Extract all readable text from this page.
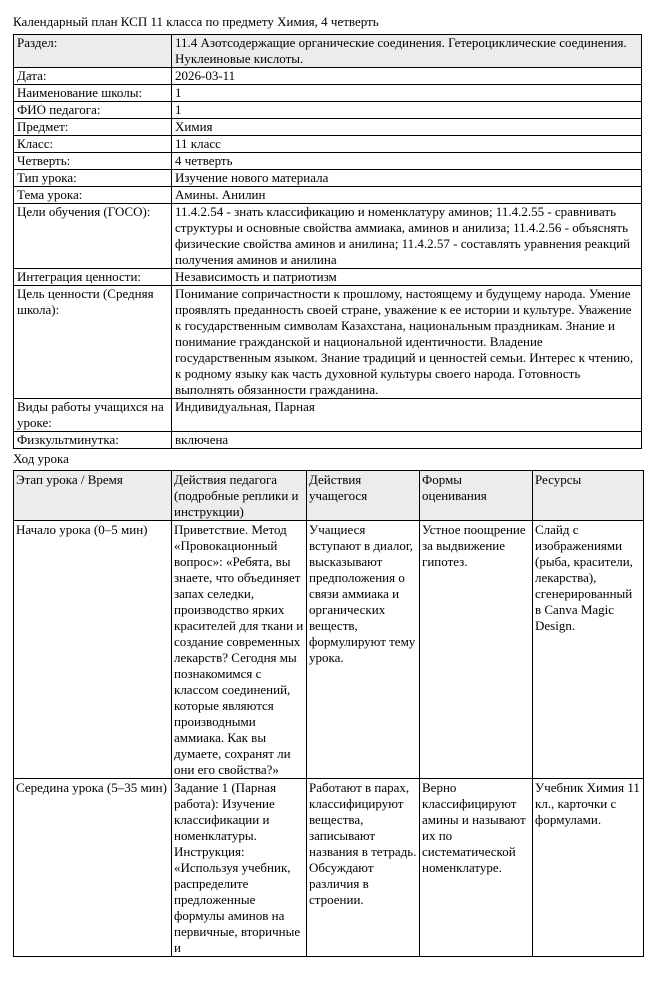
Календарный план КСП 11 класса по предмету Химия, 4 четверть
Раздел:	11.4 Азотсодержащие органические соединения. Гетероциклические соединения. Нуклеиновые кислоты.
Дата:	2026-03-11
Наименование школы:	1
ФИО педагога:	1
Предмет:	Химия
Класс:	11 класс
Четверть:	4 четверть
Тип урока:	Изучение нового материала
Тема урока:	Амины. Анилин
Цели обучения (ГОСО):	11.4.2.54 - знать классификацию и номенклатуру аминов; 11.4.2.55 - сравнивать структуры и основные свойства аммиака, аминов и анилиза; 11.4.2.56 - объяснять физические свойства аминов и анилина; 11.4.2.57 - составлять уравнения реакций получения аминов и анилина
Интеграция ценности:	Независимость и патриотизм
Цель ценности (Средняя школа):	Понимание сопричастности к прошлому, настоящему и будущему народа. Умение проявлять преданность своей стране, уважение к ее истории и культуре. Уважение к государственным символам Казахстана, национальным праздникам. Знание и понимание гражданской и национальной идентичности. Владение государственным языком. Знание традиций и ценностей семьи. Интерес к чтению, к родному языку как часть духовной культуры своего народа. Готовность выполнять обязанности гражданина.
Виды работы учащихся на уроке:	Индивидуальная, Парная
Физкультминутка:	включена
Ход урока
Этап урока / Время	Действия педагога (подробные реплики и инструкции)	Действия учащегося	Формы оценивания	Ресурсы
Начало урока (0–5 мин)	Приветствие. Метод «Провокационный вопрос»: «Ребята, вы знаете, что объединяет запах селедки, производство ярких красителей для ткани и создание современных лекарств? Сегодня мы познакомимся с классом соединений, которые являются производными аммиака. Как вы думаете, сохранят ли они его свойства?»	Учащиеся вступают в диалог, высказывают предположения о связи аммиака и органических веществ, формулируют тему урока.	Устное поощрение за выдвижение гипотез.	Слайд с изображениями (рыба, красители, лекарства), сгенерированный в Canva Magic Design.
Середина урока (5–35 мин)	Задание 1 (Парная работа): Изучение классификации и номенклатуры. Инструкция: «Используя учебник, распределите предложенные формулы аминов на первичные, вторичные и	Работают в парах, классифицируют вещества, записывают названия в тетрадь. Обсуждают различия в строении.	Верно классифицируют амины и называют их по систематической номенклатуре.	Учебник Химия 11 кл., карточки с формулами.
